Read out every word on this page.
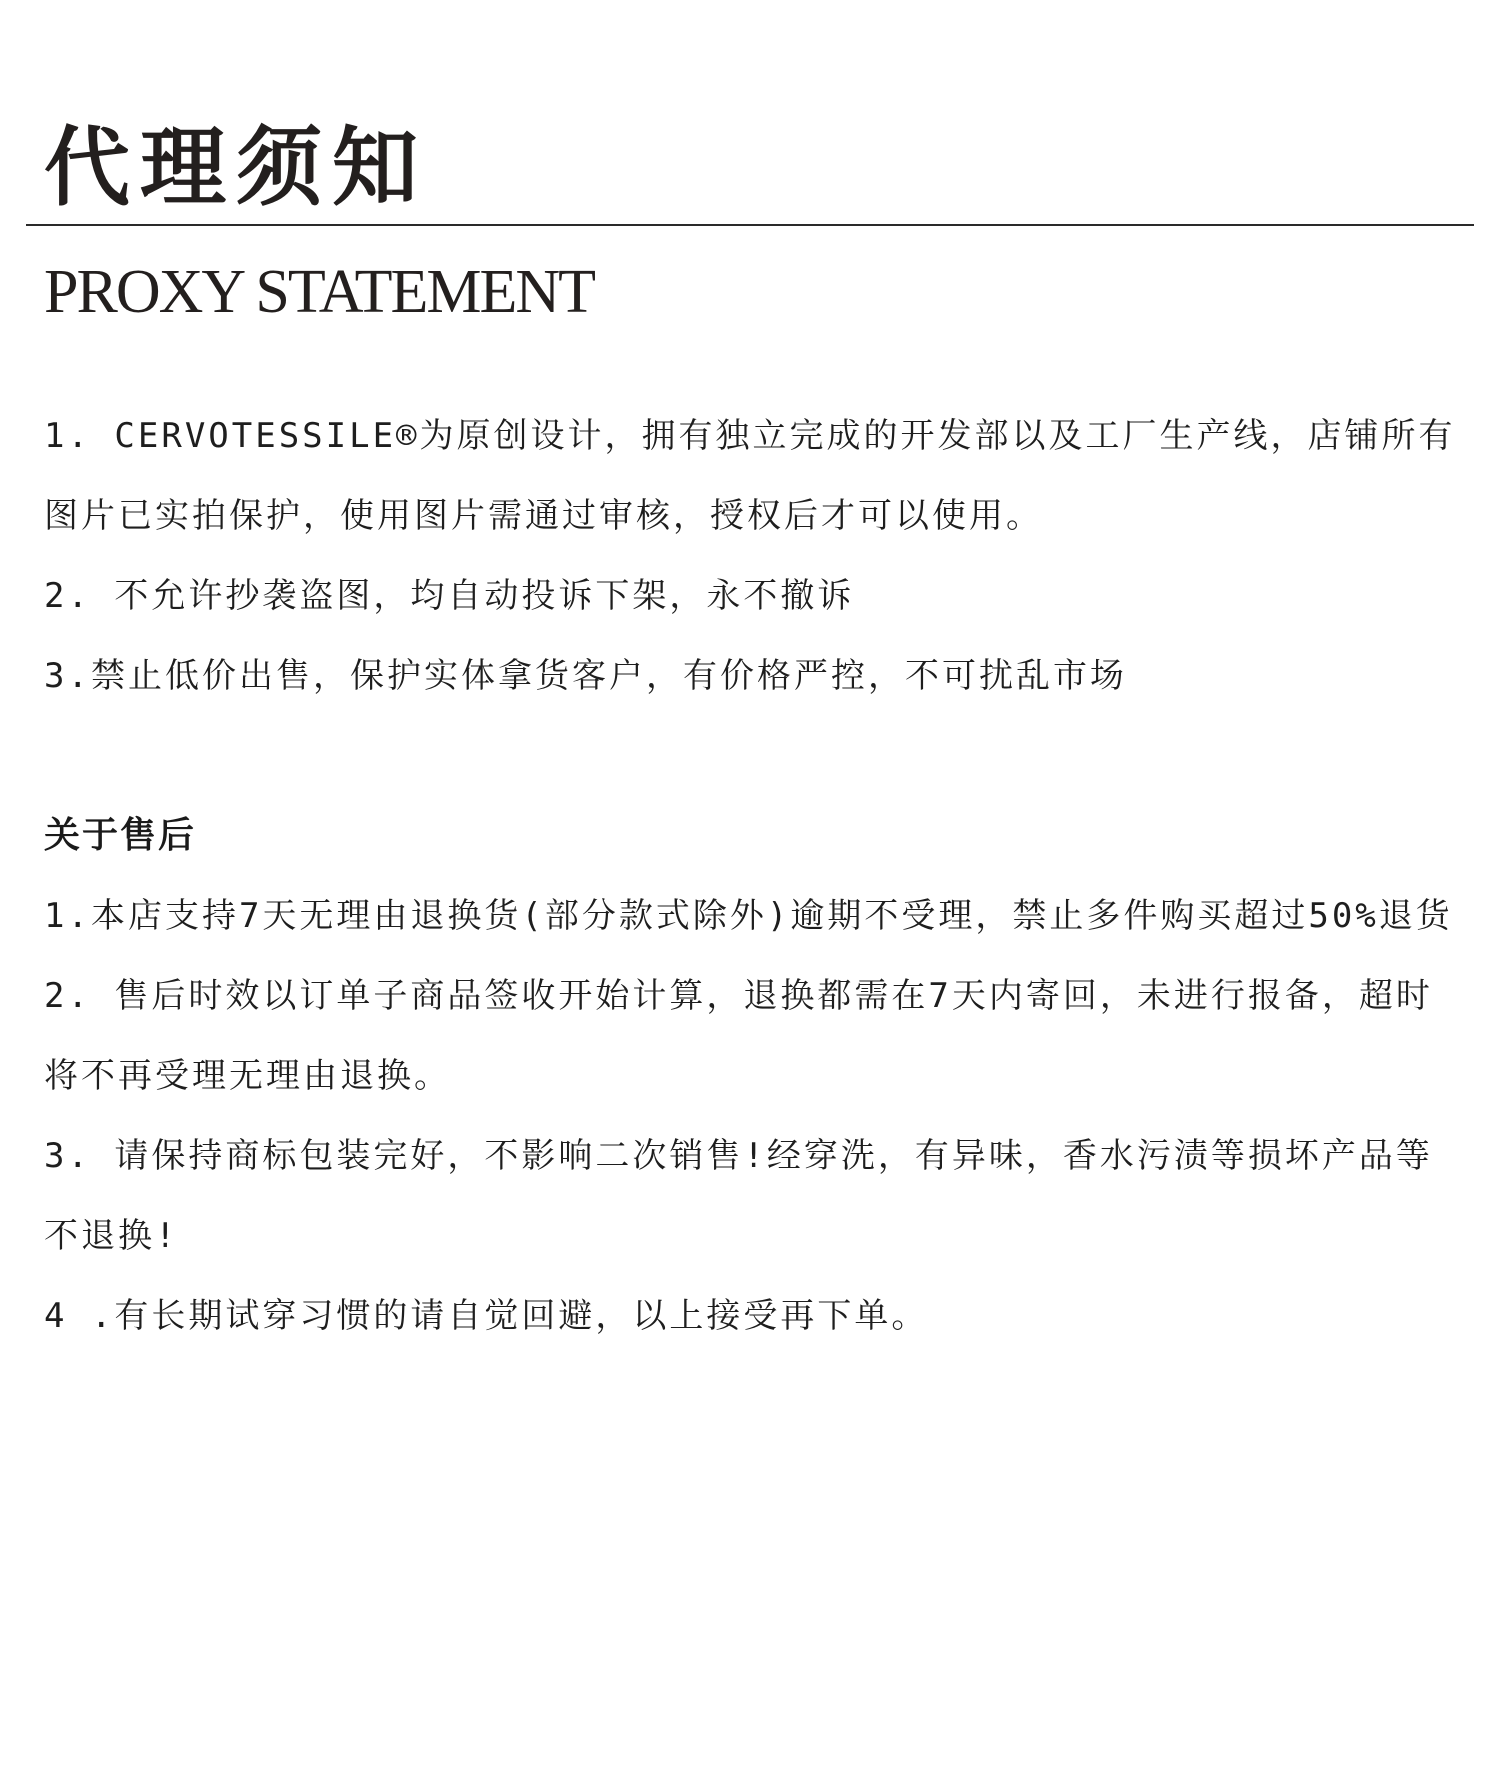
代理须知
PROXY STATEMENT

1. CERVOTESSILE®为原创设计，拥有独立完成的开发部以及工厂生产线，店铺所有图片已实拍保护，使用图片需通过审核，授权后才可以使用。

2. 不允许抄袭盗图，均自动投诉下架，永不撤诉

3.禁止低价出售，保护实体拿货客户，有价格严控，不可扰乱市场

关于售后

1.本店支持7天无理由退换货(部分款式除外)逾期不受理，禁止多件购买超过50%退货

2. 售后时效以订单子商品签收开始计算，退换都需在7天内寄回，未进行报备，超时将不再受理无理由退换。

3. 请保持商标包装完好，不影响二次销售!经穿洗，有异味，香水污渍等损坏产品等不退换!

4 .有长期试穿习惯的请自觉回避，以上接受再下单。
